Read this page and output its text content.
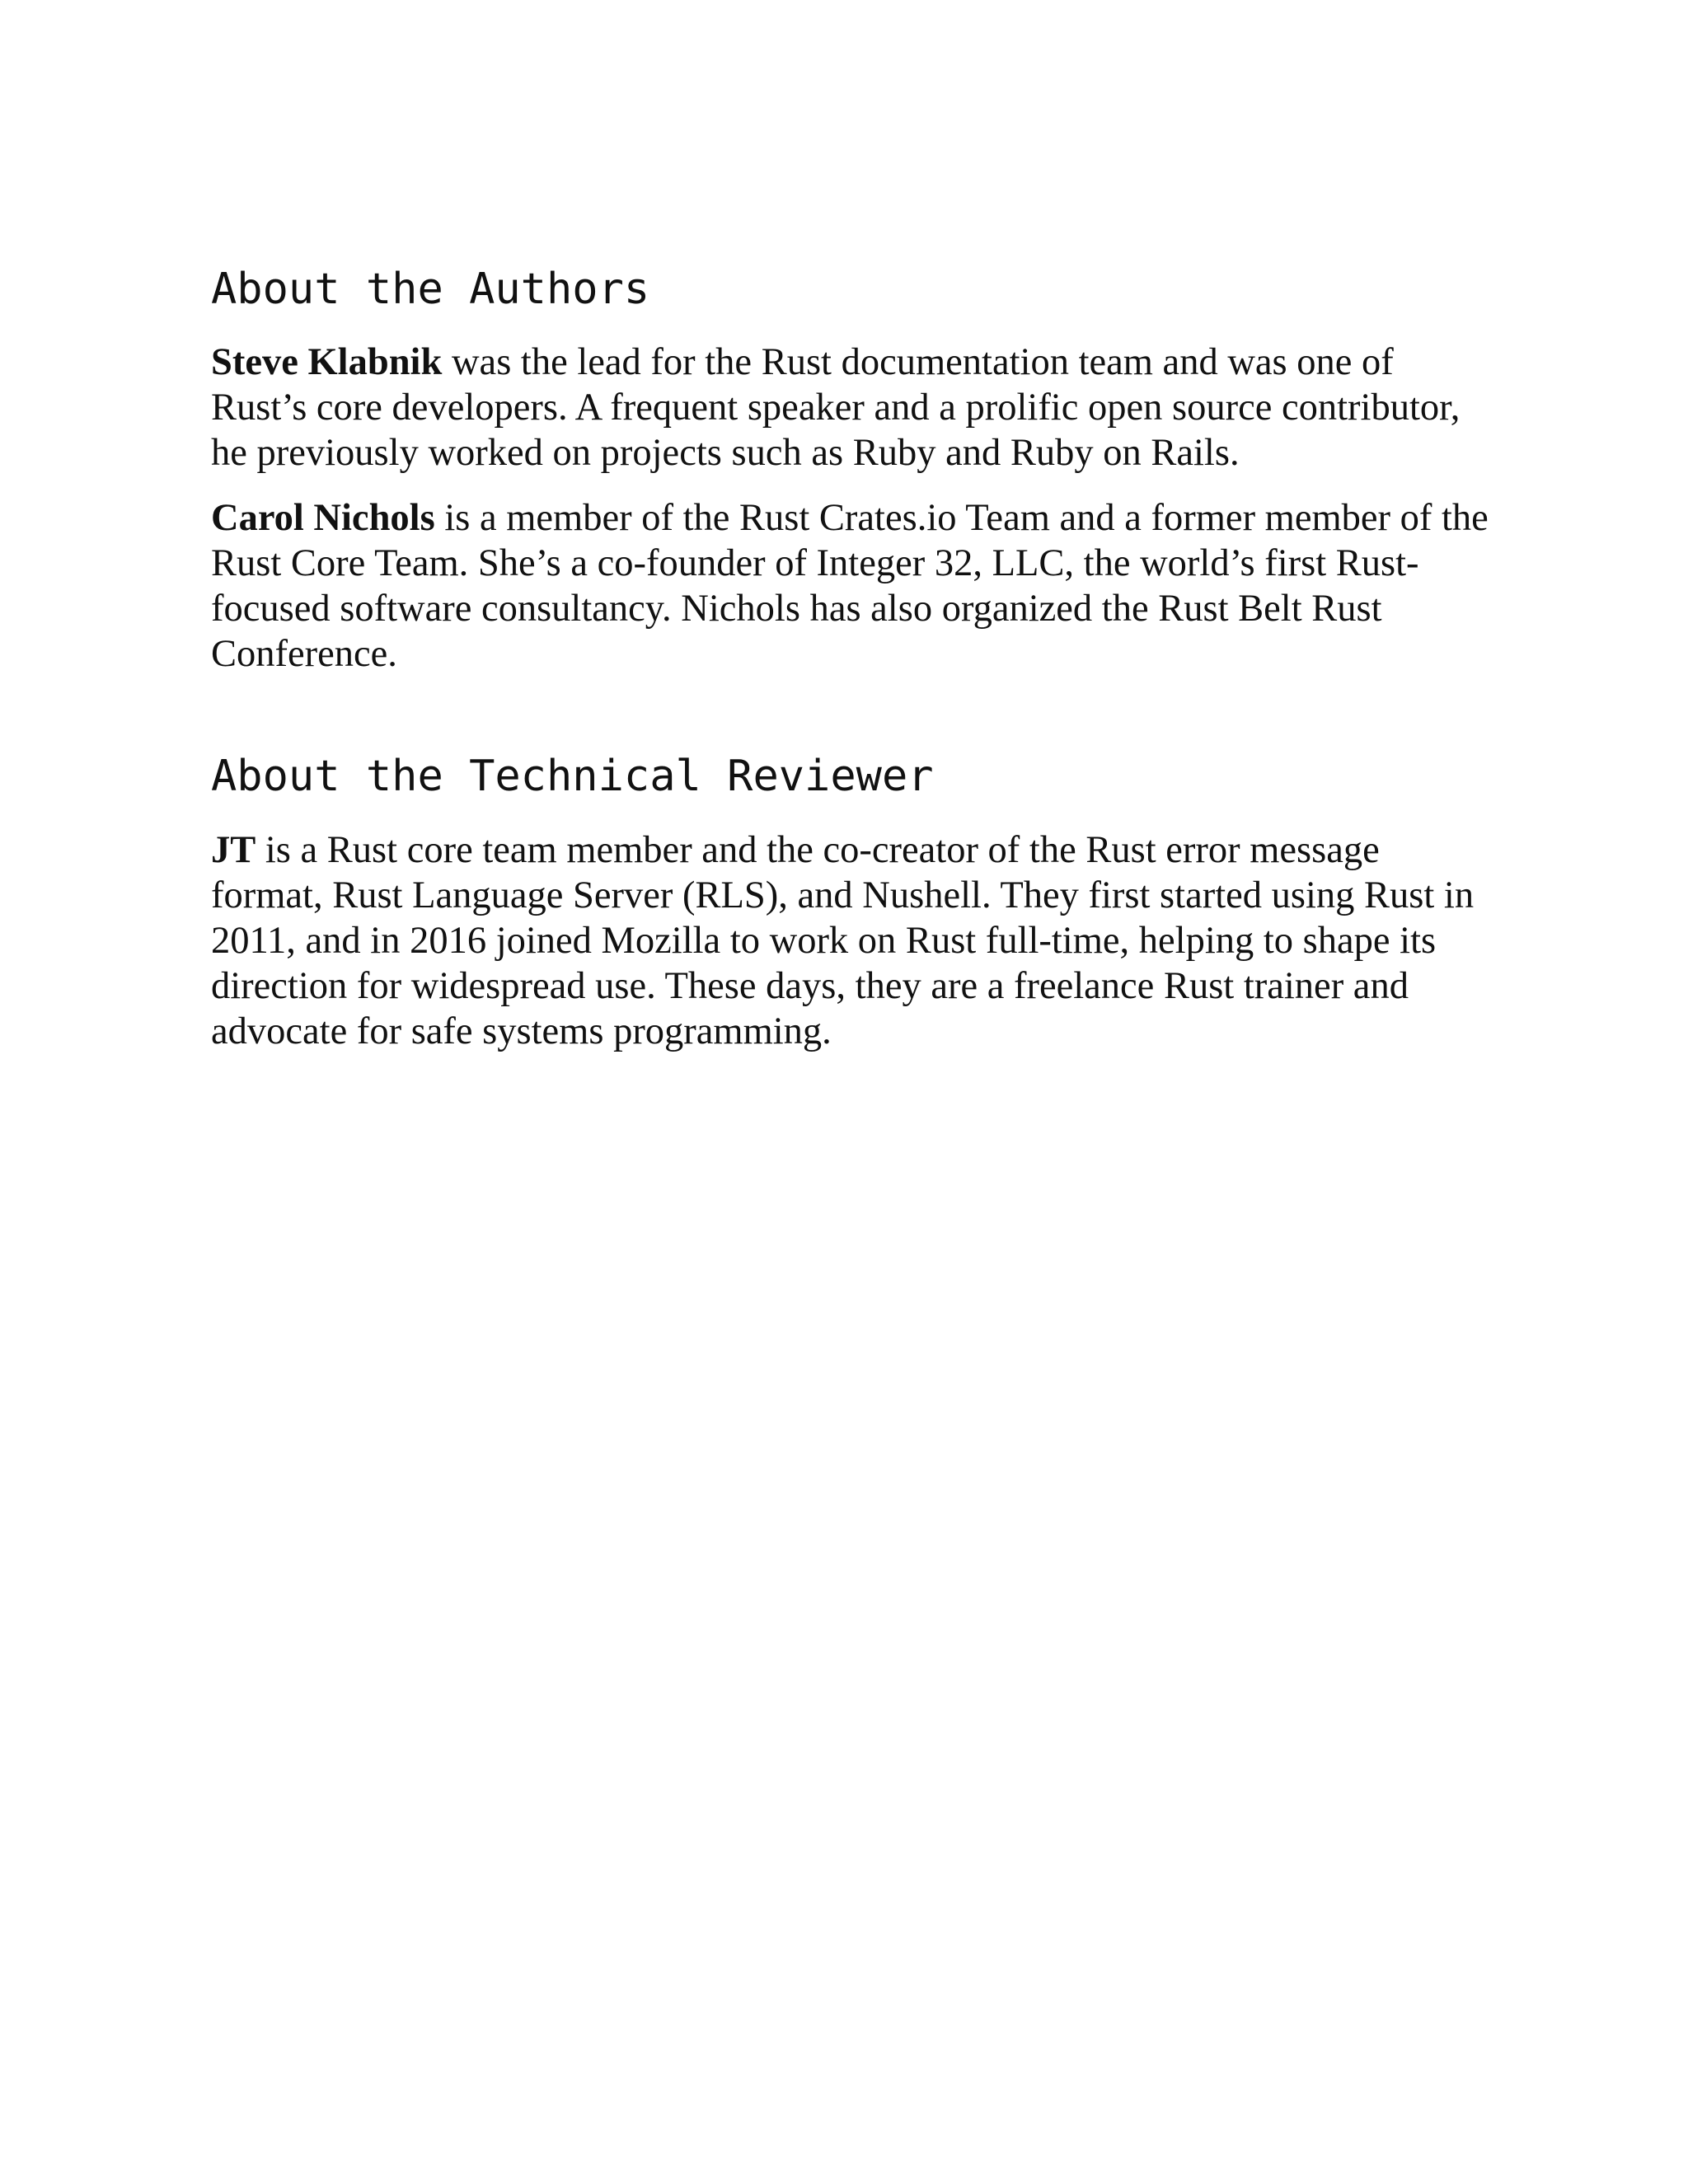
About the Authors

Steve Klabnik was the lead for the Rust documentation team and was one of Rust’s core developers. A frequent speaker and a prolific open source contributor, he previously worked on projects such as Ruby and Ruby on Rails.

Carol Nichols is a member of the Rust Crates.io Team and a former member of the Rust Core Team. She’s a co-founder of Integer 32, LLC, the world’s first Rust-focused software consultancy. Nichols has also organized the Rust Belt Rust Conference.

About the Technical Reviewer

JT is a Rust core team member and the co-creator of the Rust error message format, Rust Language Server (RLS), and Nushell. They first started using Rust in 2011, and in 2016 joined Mozilla to work on Rust full-time, helping to shape its direction for widespread use. These days, they are a freelance Rust trainer and advocate for safe systems programming.
